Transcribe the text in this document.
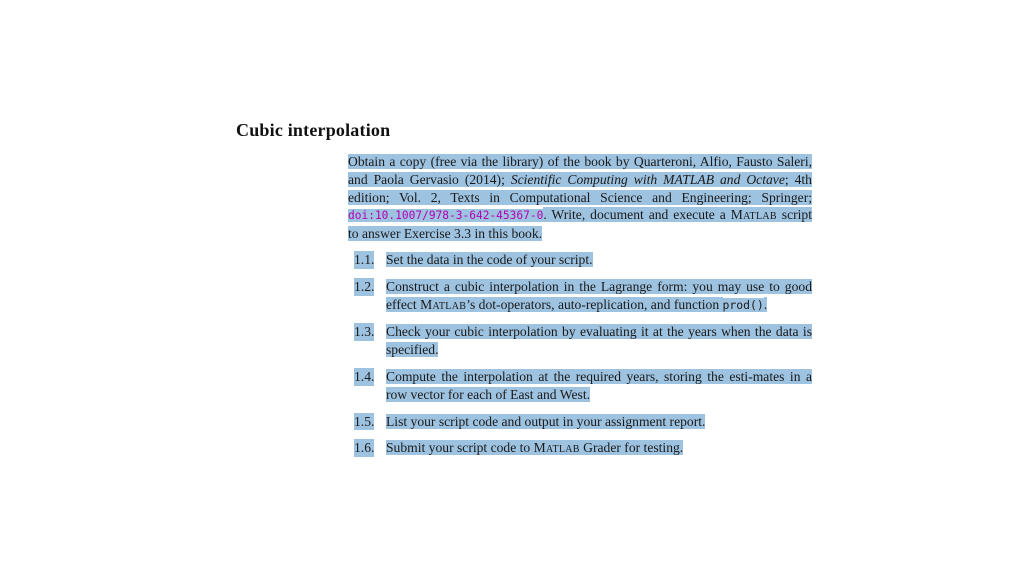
Cubic interpolation

Obtain a copy (free via the library) of the book by Quarteroni, Alfio, Fausto Saleri, and Paola Gervasio (2014); Scientific Computing with MATLAB and Octave; 4th edition; Vol. 2, Texts in Computational Science and Engineering; Springer; doi:10.1007/978-3-642-45367-0. Write, document and execute a Matlab script to answer Exercise 3.3 in this book.

1.1. Set the data in the code of your script.
1.2. Construct a cubic interpolation in the Lagrange form: you may use to good effect Matlab’s dot-operators, auto-replication, and function prod().
1.3. Check your cubic interpolation by evaluating it at the years when the data is specified.
1.4. Compute the interpolation at the required years, storing the esti-mates in a row vector for each of East and West.
1.5. List your script code and output in your assignment report.
1.6. Submit your script code to Matlab Grader for testing.
